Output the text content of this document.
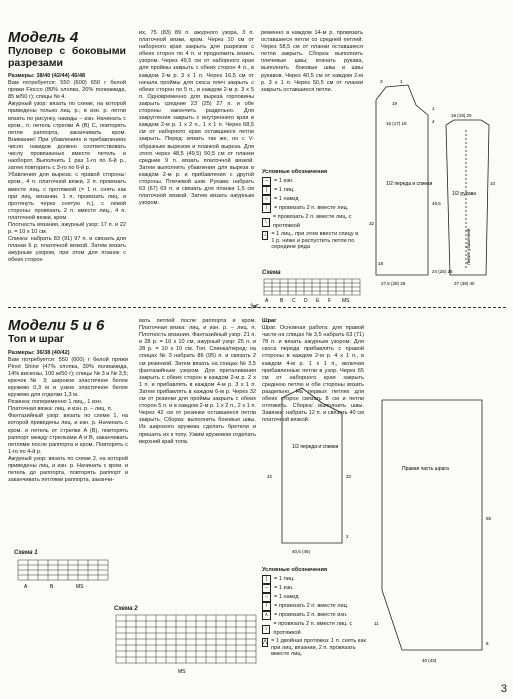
Модель 4
Пуловер с боковыми разрезами

Размеры: 38/40 (42/44) 46/48

Вам потребуется: 550 (600) 650 г белой пряжи Fiocco (80% хлопка, 20% полиамида, 85 м/50 г); спицы № 4.

Ажурный узор: вязать по схеме, на которой приведены только лиц. р.; в изн. р. петли вязать по рисунку, накиды – изн. Начинать с кром., п. петель стрелки А (В) С, повторять петли раппорта, заканчивать кром. Внимание! При убавлениях и прибавлениях число накидов должно соответствовать числу провязанных вместе петель и наоборот. Выполнить 1 раз 1-го по 6-й р., затем повторить с 3-го по 6-й р.

Убавления для выреза: с правой стороны: кром., 4 п. платочной вязки, 2 п. провязать вместе лиц. с протяжкой (= 1 п. снять как при лиц. вязании, 1 п. провязать лиц. и протянуть через снятую п.), с левой стороны: провязать 2 п. вместе лиц., 4 п. платочной вязки, кром.

Плотность вязания, ажурный узор: 17 п. и 22 р. = 10 х 10 см.

Спинка: набрать 83 (91) 97 п. и связать для планки 6 р. платочной вязкой. Затем вязать ажурным узором, при этом для планок с обеих сторон

их, 75 (83) 89 п. ажурного узора, 3 п. платочной вязки, кром. Через 10 см от наборного края закрыть для разрезов с обеих сторон по 4 п. и продолжить вязать узором. Через 49,5 см от наборного края для проймы закрыть с обеих сторон 4 п., в каждом 2-м р. 3 х 1 п. Через 16,5 см от начала проймы для скоса плеч закрыть с обеих сторон по 5 п., в каждом 2-м р. 3 х 5 п. Одновременно для выреза горловины закрыть средние 23 (25) 27 п. и обе стороны закончить раздельно. Для закругления закрыть с внутреннего края в каждом 2-м р. 1 х 2 п., 1 х 1 п. Через 68,5 см от наборного края оставшиеся петли закрыть. Перед: вязать так же, но с V-образным вырезом и планкой выреза. Для этого через 48,5 (49,5) 50,5 см от планки средние 9 п. вязать платочной вязкой. Затем выполнять убавления для выреза в каждом 2-м р. и прибавления с другой стороны. Плечевой шов. Рукава: набрать 63 (67) 69 п. и связать для планки 1,5 см платочной вязкой. Затем вязать ажурным узором.

ременно в каждом 14-м р. провязать оставшиеся петли со средней петлей. Через 58,5 см от планки оставшиеся петли закрыть. Сборка: выполнить плечевые швы; втачать рукава, выполнить боковые швы и швы рукавов. Через 40,5 см от каждом 2-м р. 3 х 1 п. Через 50,5 см от планки закрыть оставшиеся петли.

Условные обозначения
–	= 1 изн.
|	= 1 лиц.
○	= 1 накид
/	= провязать 2 п. вместе лиц.
\
= провязать 2 п. вместе лиц. с протяжкой
⊥ = 1 лиц., при этом ввести спицу в 1 р. ниже и распустить петли по середине ряда
Схема
A B C D E F MS
1/2 переда и спинки
1/2 рукава
Линия убавлений
3	1
19
16 (17) 18
1
4
18 (19) 20
49,5
32
18
27,5 (28) 29
24 (25) 26
10
37 (39) 40
✂
Модели 5 и 6
Топ и шраг

Размеры: 36/38 (40/42)

Вам потребуется: 550 (600) г белой пряжи Pinot Shine (47% хлопка, 39% полиамида, 14% вискозы, 100 м/50 г); спицы № 3 и № 3,5; крючок № 3; широкое эластичное белое кружево 0,3 м и узкое эластичное белое кружево для отделки 1,3 м.

Резинка: попеременно 1 лиц., 1 изн.

Платочная вязка: лиц. и изн. р. – лиц. п.

Фантазийный узор: вязать по схеме 1, на которой приведены лиц. и изн. р. Начинать с кром. и петель от стрелки A (B), повторять раппорт между стрелками A и B, заканчивать петлями после раппорта и кром. Повторять с 1-го по 4-й р.

Ажурный узор: вязать по схеме 2, на которой приведены лиц. и изн. р. Начинать с кром. и петель до раппорта, повторять раппорт и заканчивать петлями раппорта, заканчи-

Схема 1
A	B	MS
Схема 2
MS

вать петлей после раппорта и кром. Платочная вязка: лиц. и изн. р. – лиц. п. Плотность вязания. Фантазийный узор: 21 п. и 28 р. = 10 х 10 см, ажурный узор: 25 п. и 28 р. = 10 х 10 см. Топ. Спинка/перед: на спицах № 3 набрать 86 (95) п. и связать 2 см резинкой. Затем вязать на спицах № 3,5 фантазийным узором. Для приталивания закрыть с обеих сторон в каждом 2-м р. 2 х 1 п. и прибавлять в каждом 4-м р. 3 х 1 п. Затем прибавлять в каждом 6-м р. Через 32 см от резинки для проймы закрыть с обеих сторон 5 п. и в каждом 2-м р. 1 х 2 п., 2 х 1 п. Через 42 см от резинки оставшиеся петли закрыть. Сборка: выполнить боковые швы. Из широкого кружева сделать бретели и пришить их к топу. Узким кружевом отделать верхний край топа.

Шраг

Шраг. Основная работа: для правой части на спицах № 3,5 набрать 63 (71) 78 п. и вязать ажурным узором. Для скоса переда прибавлять с правой стороны в каждом 2-м р. 4 х 1 п., в каждом 4-м р. 1 х 1 п., включая прибавленные петли в узор. Через 65 см от наборного края закрыть среднюю петлю и обе стороны вязать раздельно. На первых петлях для обеих сторон связать 8 см и петли отложить. Сборка: выполнить швы. Завязки: набрать 12 п. и связать 40 см платочной вязкой.

1/2 переда и спинки
32
2
42
40,5 (45)
Правая часть шрага
65
8
11
40 (43)
Условные обозначения
|	= 1 лиц.
–	= 1 изн.
○	= 1 накид
/	= провязать 2 п. вместе лиц.
∧	= провязать 2 п. вместе изн.
\
= провязать 2 п. вместе лиц. с протяжкой
⋀ = 1 двойная протяжка: 1 п. снять как при лиц. вязании, 2 п. провязать вместе лиц.
3
